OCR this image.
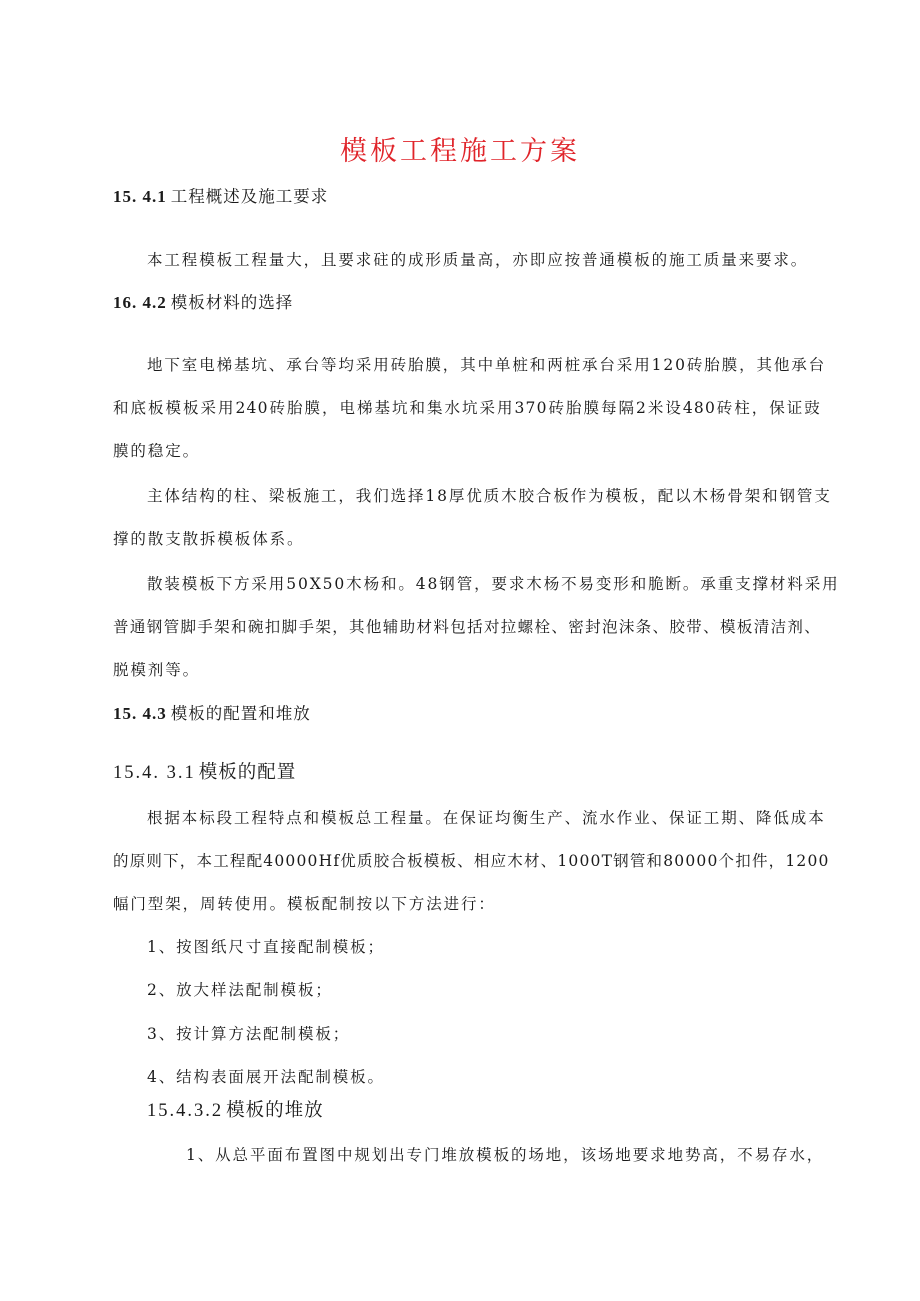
模板工程施工方案
15. 4.1 工程概述及施工要求
本工程模板工程量大，且要求砫的成形质量高，亦即应按普通模板的施工质量来要求。
16. 4.2 模板材料的选择
地下室电梯基坑、承台等均采用砖胎膜，其中单桩和两桩承台采用120砖胎膜，其他承台
和底板模板采用240砖胎膜，电梯基坑和集水坑采用370砖胎膜每隔2米设480砖柱，保证豉
膜的稳定。
主体结构的柱、梁板施工，我们选择18厚优质木胶合板作为模板，配以木杨骨架和钢管支
撑的散支散拆模板体系。
散装模板下方采用50X50木杨和。48钢管，要求木杨不易变形和脆断。承重支撑材料采用
普通钢管脚手架和碗扣脚手架，其他辅助材料包括对拉螺栓、密封泡沫条、胶带、模板清洁剂、
脱模剂等。
15. 4.3 模板的配置和堆放
15.4. 3.1 模板的配置
根据本标段工程特点和模板总工程量。在保证均衡生产、流水作业、保证工期、降低成本
的原则下，本工程配40000Hf优质胶合板模板、相应木材、1000T钢管和80000个扣件，1200
幅门型架，周转使用。模板配制按以下方法进行：
1、按图纸尺寸直接配制模板；
2、放大样法配制模板；
3、按计算方法配制模板；
4、结构表面展开法配制模板。
15.4.3.2 模板的堆放
1、从总平面布置图中规划出专门堆放模板的场地，该场地要求地势高，不易存水，
